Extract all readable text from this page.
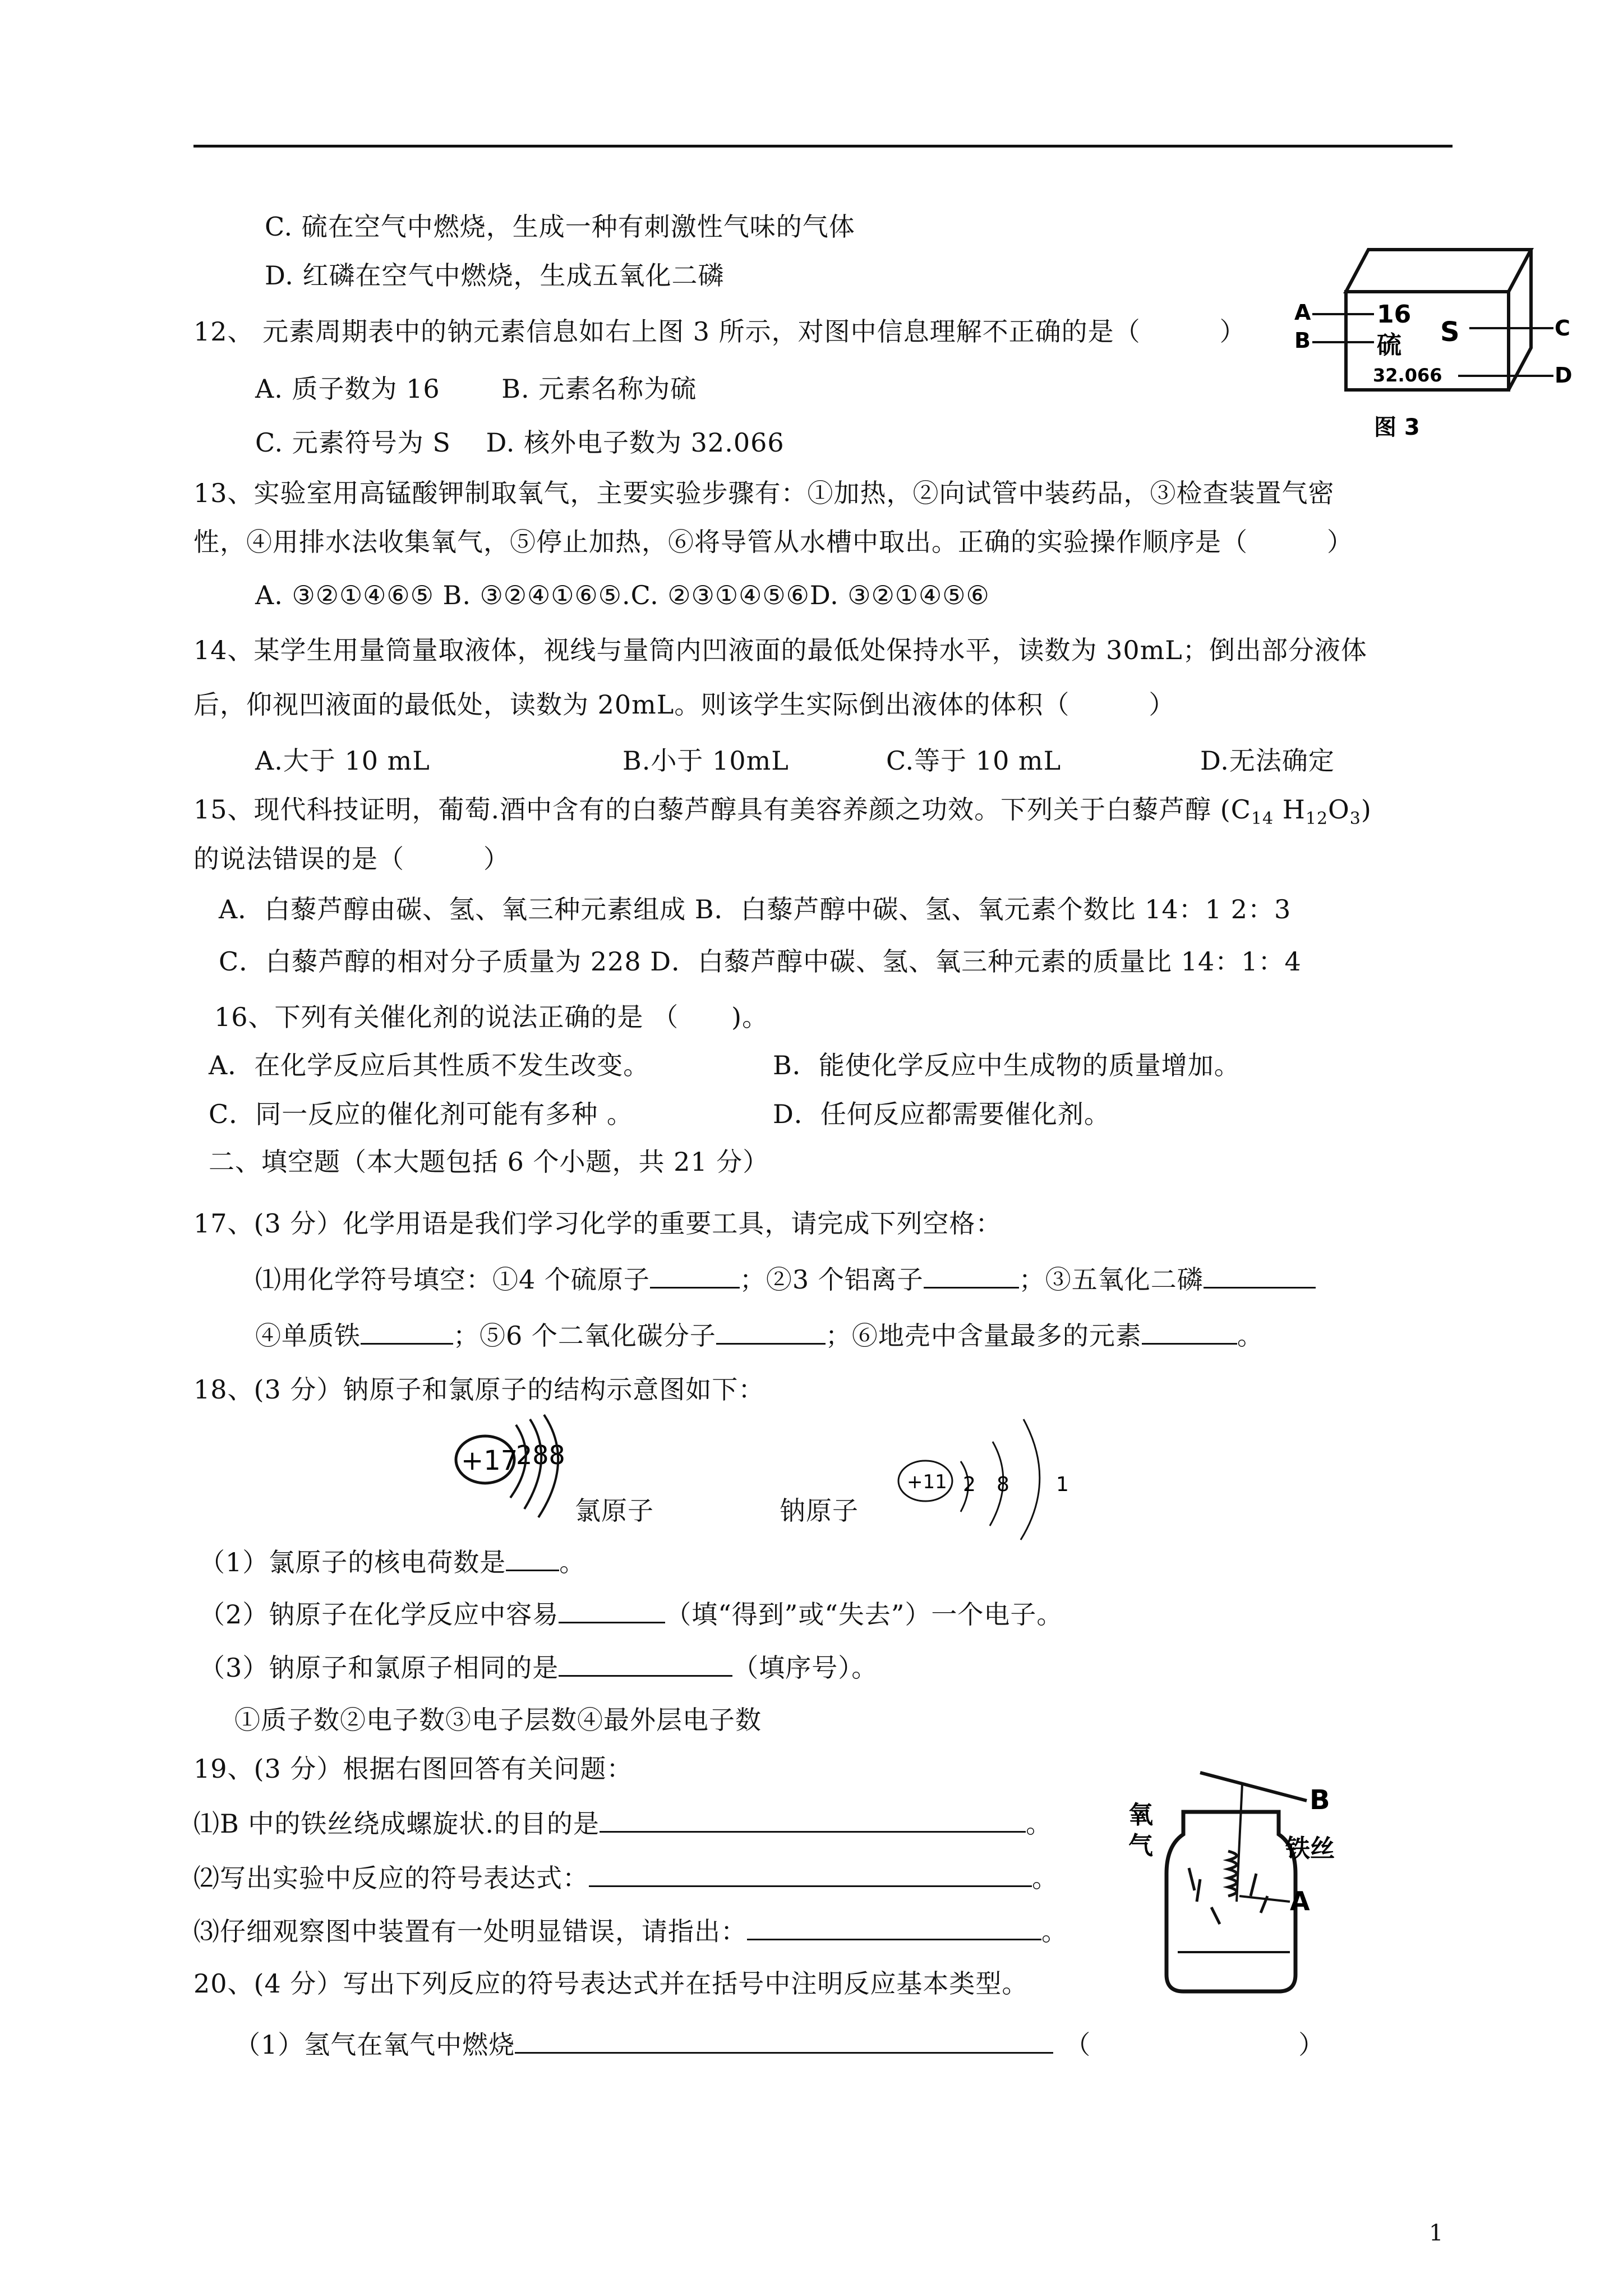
C. 硫在空气中燃烧，生成一种有刺激性气味的气体
D. 红磷在空气中燃烧，生成五氧化二磷
12、 元素周期表中的钠元素信息如右上图 3 所示，对图中信息理解不正确的是（　　　）
A. 质子数为 16　　 B. 元素名称为硫
C. 元素符号为 S　 D. 核外电子数为 32.066
16
硫 S
32.066
A
B	C
D
图 3
13、实验室用高锰酸钾制取氧气，主要实验步骤有：①加热，②向试管中装药品，③检查装置气密
性，④用排水法收集氧气，⑤停止加热，⑥将导管从水槽中取出。正确的实验操作顺序是（　　　）
A. ③②①④⑥⑤ B. ③②④①⑥⑤.C. ②③①④⑤⑥D. ③②①④⑤⑥
14、某学生用量筒量取液体，视线与量筒内凹液面的最低处保持水平，读数为 30mL；倒出部分液体
后，仰视凹液面的最低处，读数为 20mL。则该学生实际倒出液体的体积（　　　）
A.大于 10 mL	B.小于 10mL	C.等于 10 mL	D.无法确定
15、现代科技证明，葡萄.酒中含有的白藜芦醇具有美容养颜之功效。下列关于白藜芦醇 ($C_{14}$ $H_{12}O_3$)
的说法错误的是（　　　）
A．白藜芦醇由碳、氢、氧三种元素组成 B．白藜芦醇中碳、氢、氧元素个数比 14：1 2：3
C．白藜芦醇的相对分子质量为 228 D．白藜芦醇中碳、氢、氧三种元素的质量比 14：1：4
16、下列有关催化剂的说法正确的是 （　　)。
A．在化学反应后其性质不发生改变。	B．能使化学反应中生成物的质量增加。
C．同一反应的催化剂可能有多种 。	D．任何反应都需要催化剂。
二、填空题（本大题包括 6 个小题，共 21 分）
17、(3 分）化学用语是我们学习化学的重要工具，请完成下列空格：
⑴用化学符号填空：①4 个硫原子	；②3 个铝离子	；③五氧化二磷
④单质铁	；⑤6 个二氧化碳分子	；⑥地壳中含量最多的元素	。
18、(3 分）钠原子和氯原子的结构示意图如下：
+17
288
氯原子
+11 2 8 1
钠原子
（1）氯原子的核电荷数是 。
（2）钠原子在化学反应中容易	（填“得到”或“失去”）一个电子。
（3）钠原子和氯原子相同的是	（填序号）。
①质子数②电子数③电子层数④最外层电子数
19、(3 分）根据右图回答有关问题：
⑴B 中的铁丝绕成螺旋状.的目的是	。
⑵写出实验中反应的符号表达式：	。
⑶仔细观察图中装置有一处明显错误，请指出：	。
B
氧
气	铁丝
A
20、(4 分）写出下列反应的符号表达式并在括号中注明反应基本类型。
（1）氢气在氧气中燃烧	（	）
1
